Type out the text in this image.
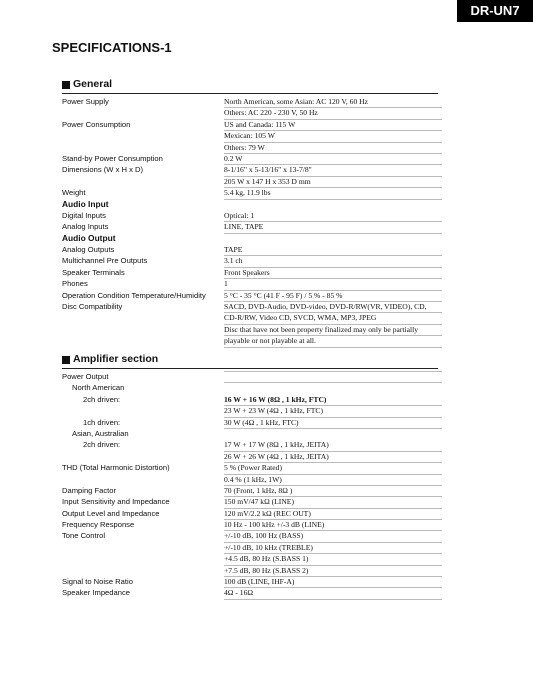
DR-UN7
SPECIFICATIONS-1
General
Power Supply	North American, some Asian: AC 120 V, 60 Hz
Others: AC 220 - 230 V, 50 Hz
Power Consumption	US and Canada: 115 W
Mexican: 105 W
Others: 79 W
Stand-by Power Consumption	0.2 W
Dimensions (W x H x D)	8-1/16" x 5-13/16" x 13-7/8"
205 W x 147 H x 353 D mm
Weight	5.4 kg, 11.9 lbs
Audio Input
Digital Inputs	Optical: 1
Analog Inputs	LINE, TAPE
Audio Output
Analog Outputs	TAPE
Multichannel Pre Outputs	3.1 ch
Speaker Terminals	Front Speakers
Phones	1
Operation Condition Temperature/Humidity 5 °C - 35 °C (41 F - 95 F) / 5 % - 85 %
Disc Compatibility	SACD, DVD-Audio, DVD-video, DVD-R/RW(VR, VIDEO), CD,
CD-R/RW, Video CD, SVCD, WMA, MP3, JPEG
Disc that have not been property finalized may only be partially
playable or not playable at all.
Amplifier section
Power Output
North American
2ch driven:	16 W + 16 W (8Ω , 1 kHz, FTC)
23 W + 23 W (4Ω , 1 kHz, FTC)
1ch driven:	30 W (4Ω , 1 kHz, FTC)
Asian, Australian
2ch driven:	17 W + 17 W (8Ω , 1 kHz, JEITA)
26 W + 26 W (4Ω , 1 kHz, JEITA)
THD (Total Harmonic Distortion)	5 % (Power Rated)
0.4 % (1 kHz, 1W)
Damping Factor	70 (Front, 1 kHz, 8Ω )
Input Sensitivity and Impedance	150 mV/47 kΩ (LINE)
Output Level and Impedance	120 mV/2.2 kΩ (REC OUT)
Frequency Response	10 Hz - 100 kHz +/-3 dB (LINE)
Tone Control	+/-10 dB, 100 Hz (BASS)
+/-10 dB, 10 kHz (TREBLE)
+4.5 dB, 80 Hz (S.BASS 1)
+7.5 dB, 80 Hz (S.BASS 2)
Signal to Noise Ratio	100 dB (LINE, IHF-A)
Speaker Impedance	4Ω - 16Ω
